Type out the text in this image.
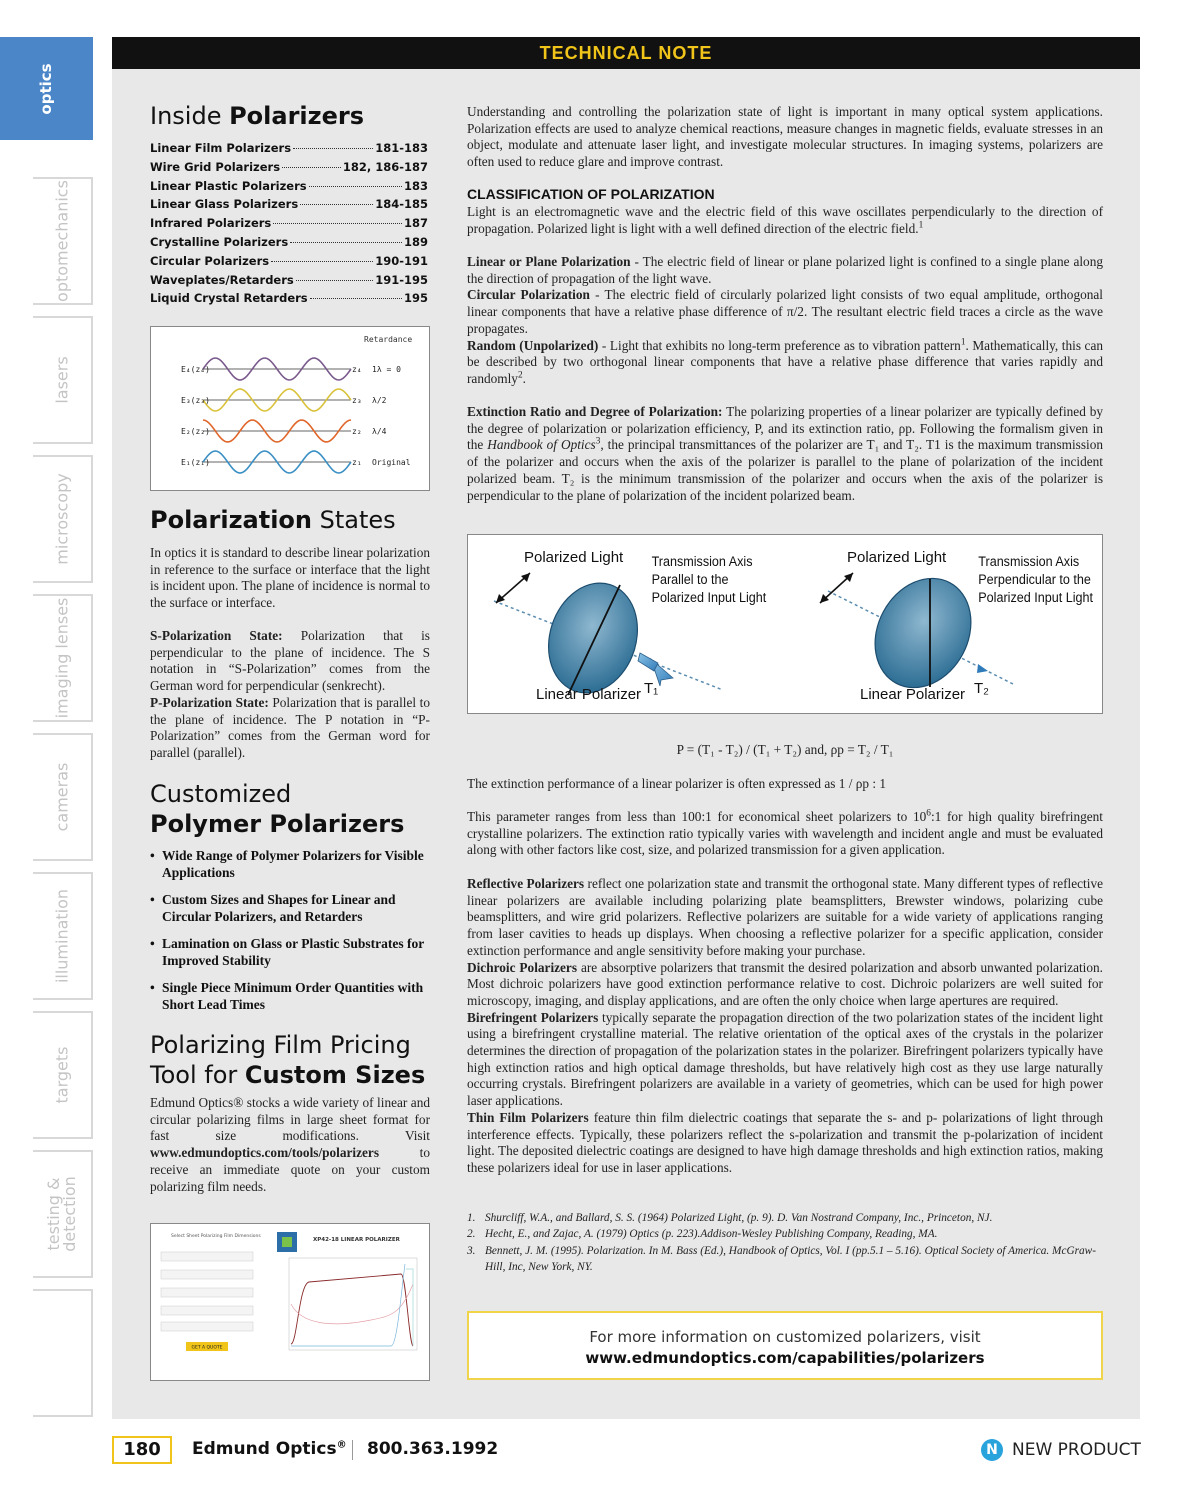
optics
optomechanics
lasers
microscopy
imaging lenses
cameras
illumination
targets
testing & detection
TECHNICAL NOTE
Inside Polarizers
Linear Film Polarizers	181-183
Wire Grid Polarizers	182, 186-187
Linear Plastic Polarizers	183
Linear Glass Polarizers	184-185
Infrared Polarizers	187
Crystalline Polarizers	189
Circular Polarizers	190-191
Waveplates/Retarders	191-195
Liquid Crystal Retarders	195
Retardance
E₄(z₄)	z₄ 1λ = 0
E₃(z₃)	z₃ λ/2
E₂(z₂)	z₂ λ/4
E₁(z₁)	z₁ Original
Polarization States
In optics it is standard to describe linear polarization in reference to the surface or interface that the light is incident upon. The plane of incidence is normal to the surface or interface.
S-Polarization State: Polarization that is perpendicular to the plane of incidence. The S notation in “S-Polarization” comes from the German word for perpendicular (senkrecht).
P-Polarization State: Polarization that is parallel to the plane of incidence. The P notation in “P-Polarization” comes from the German word for parallel (parallel).
Customized
Polymer Polarizers
• Wide Range of Polymer Polarizers for Visible Applications
• Custom Sizes and Shapes for Linear and Circular Polarizers, and Retarders
• Lamination on Glass or Plastic Substrates for Improved Stability
• Single Piece Minimum Order Quantities with Short Lead Times
Polarizing Film Pricing
Tool for Custom Sizes
Edmund Optics® stocks a wide variety of linear and circular polarizing films in large sheet format for fast size modifications. Visit www.edmundoptics.com/tools/polarizers to receive an immediate quote on your custom polarizing film needs.
Select Sheet Polarizing Film Dimensions
GET A QUOTE
XP42-18 LINEAR POLARIZER
Understanding and controlling the polarization state of light is important in many optical system applications. Polarization effects are used to analyze chemical reactions, measure changes in magnetic fields, evaluate stresses in an object, modulate and attenuate laser light, and investigate molecular structures. In imaging systems, polarizers are often used to reduce glare and improve contrast.
CLASSIFICATION OF POLARIZATION
Light is an electromagnetic wave and the electric field of this wave oscillates perpendicularly to the direction of propagation. Polarized light is light with a well defined direction of the electric field.$^1$
Linear or Plane Polarization - The electric field of linear or plane polarized light is confined to a single plane along the direction of propagation of the light wave.
Circular Polarization - The electric field of circularly polarized light consists of two equal amplitude, orthogonal linear components that have a relative phase difference of π/2. The resultant electric field traces a circle as the wave propagates.
Random (Unpolarized) - Light that exhibits no long-term preference as to vibration pattern$^1$. Mathematically, this can be described by two orthogonal linear components that have a relative phase difference that varies rapidly and randomly$^2$.
Extinction Ratio and Degree of Polarization: The polarizing properties of a linear polarizer are typically defined by the degree of polarization or polarization efficiency, P, and its extinction ratio, ρp. Following the formalism given in the Handbook of Optics$^3$, the principal transmittances of the polarizer are T₁ and T₂. T1 is the maximum transmission of the polarizer and occurs when the axis of the polarizer is parallel to the plane of polarization of the incident polarized beam. T₂ is the minimum transmission of the polarizer and occurs when the axis of the polarizer is perpendicular to the plane of polarization of the incident polarized beam.
Polarized Light Transmission Axis
Parallel to the
Polarized Input Light
Linear Polarizer T₁
Polarized Light Transmission Axis
Perpendicular to the
Polarized Input Light
Linear Polarizer T₂
P = (T₁ - T₂) / (T₁ + T₂) and, ρp = T₂ / T₁
The extinction performance of a linear polarizer is often expressed as 1 / ρp : 1
This parameter ranges from less than 100:1 for economical sheet polarizers to $10^6:1$ for high quality birefringent crystalline polarizers. The extinction ratio typically varies with wavelength and incident angle and must be evaluated along with other factors like cost, size, and polarized transmission for a given application.
Reflective Polarizers reflect one polarization state and transmit the orthogonal state. Many different types of reflective linear polarizers are available including polarizing plate beamsplitters, Brewster windows, polarizing cube beamsplitters, and wire grid polarizers. Reflective polarizers are suitable for a wide variety of applications ranging from laser cavities to heads up displays. When choosing a reflective polarizer for a specific application, consider extinction performance and angle sensitivity before making your purchase.
Dichroic Polarizers are absorptive polarizers that transmit the desired polarization and absorb unwanted polarization. Most dichroic polarizers have good extinction performance relative to cost. Dichroic polarizers are well suited for microscopy, imaging, and display applications, and are often the only choice when large apertures are required.
Birefringent Polarizers typically separate the propagation direction of the two polarization states of the incident light using a birefringent crystalline material. The relative orientation of the optical axes of the crystals in the polarizer determines the direction of propagation of the polarization states in the polarizer. Birefringent polarizers typically have high extinction ratios and high optical damage thresholds, but have relatively high cost as they use large naturally occurring crystals. Birefringent polarizers are available in a variety of geometries, which can be used for high power laser applications.
Thin Film Polarizers feature thin film dielectric coatings that separate the s- and p- polarizations of light through interference effects. Typically, these polarizers reflect the s-polarization and transmit the p-polarization of incident light. The deposited dielectric coatings are designed to have high damage thresholds and high extinction ratios, making these polarizers ideal for use in laser applications.
1. Shurcliff, W.A., and Ballard, S. S. (1964) Polarized Light, (p. 9). D. Van Nostrand Company, Inc., Princeton, NJ.
2. Hecht, E., and Zajac, A. (1979) Optics (p. 223).Addison-Wesley Publishing Company, Reading, MA.
3. Bennett, J. M. (1995). Polarization. In M. Bass (Ed.), Handbook of Optics, Vol. I (pp.5.1 – 5.16). Optical Society of America. McGraw-Hill, Inc, New York, NY.
For more information on customized polarizers, visit
www.edmundoptics.com/capabilities/polarizers
180	Edmund Optics® 800.363.1992	N NEW PRODUCT
